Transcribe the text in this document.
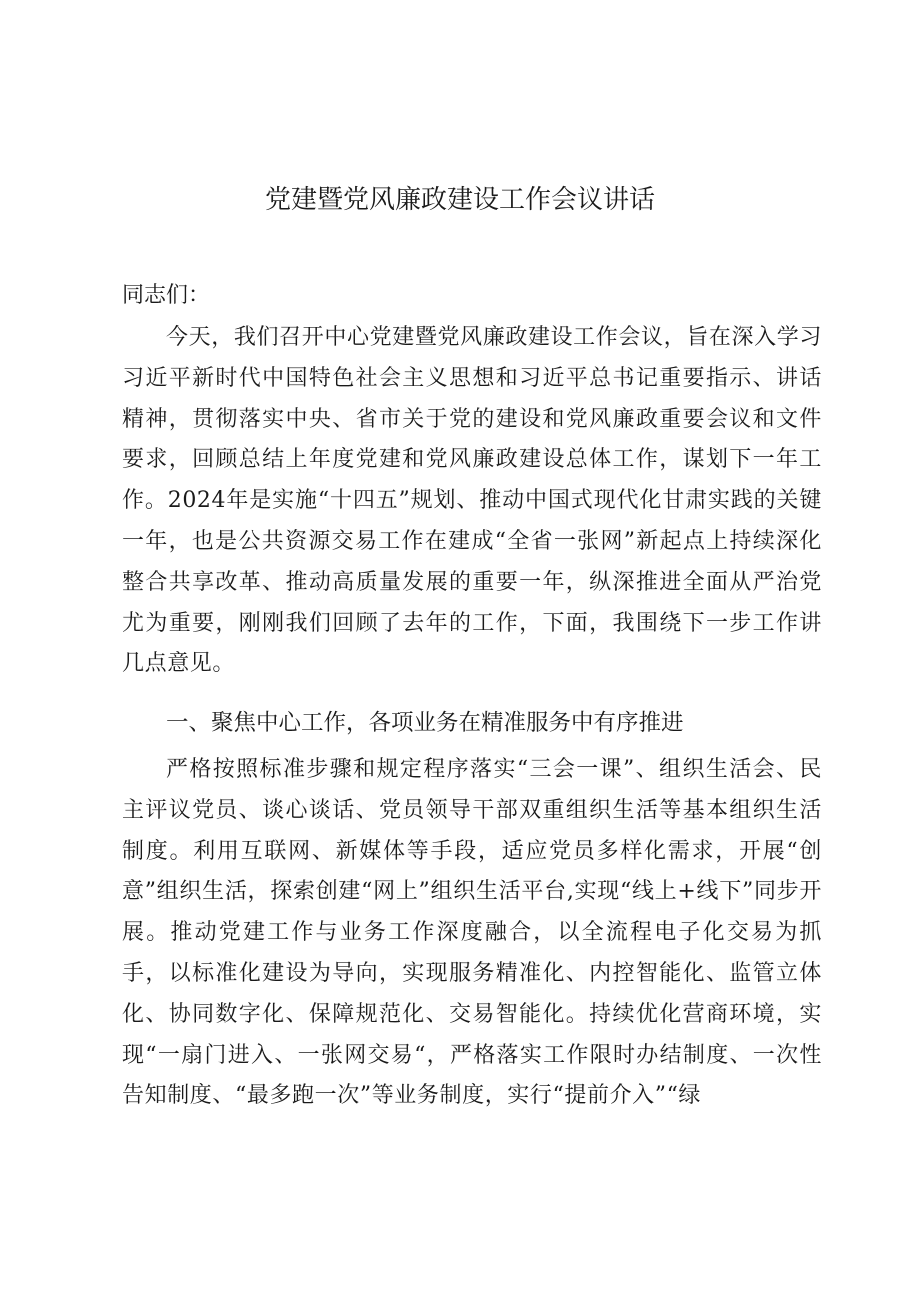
党建暨党风廉政建设工作会议讲话

同志们：

今天，我们召开中心党建暨党风廉政建设工作会议，旨在深入学习习近平新时代中国特色社会主义思想和习近平总书记重要指示、讲话精神，贯彻落实中央、省市关于党的建设和党风廉政重要会议和文件要求，回顾总结上年度党建和党风廉政建设总体工作，谋划下一年工作。2024年是实施“十四五”规划、推动中国式现代化甘肃实践的关键一年，也是公共资源交易工作在建成“全省一张网”新起点上持续深化整合共享改革、推动高质量发展的重要一年，纵深推进全面从严治党尤为重要，刚刚我们回顾了去年的工作，下面，我围绕下一步工作讲几点意见。

一、聚焦中心工作，各项业务在精准服务中有序推进

严格按照标准步骤和规定程序落实“三会一课”、组织生活会、民主评议党员、谈心谈话、党员领导干部双重组织生活等基本组织生活制度。利用互联网、新媒体等手段，适应党员多样化需求，开展“创意”组织生活，探索创建“网上”组织生活平台,实现“线上+线下”同步开展。推动党建工作与业务工作深度融合，以全流程电子化交易为抓手，以标准化建设为导向，实现服务精准化、内控智能化、监管立体化、协同数字化、保障规范化、交易智能化。持续优化营商环境，实现“一扇门进入、一张网交易“，严格落实工作限时办结制度、一次性告知制度、“最多跑一次”等业务制度，实行“提前介入”“绿
